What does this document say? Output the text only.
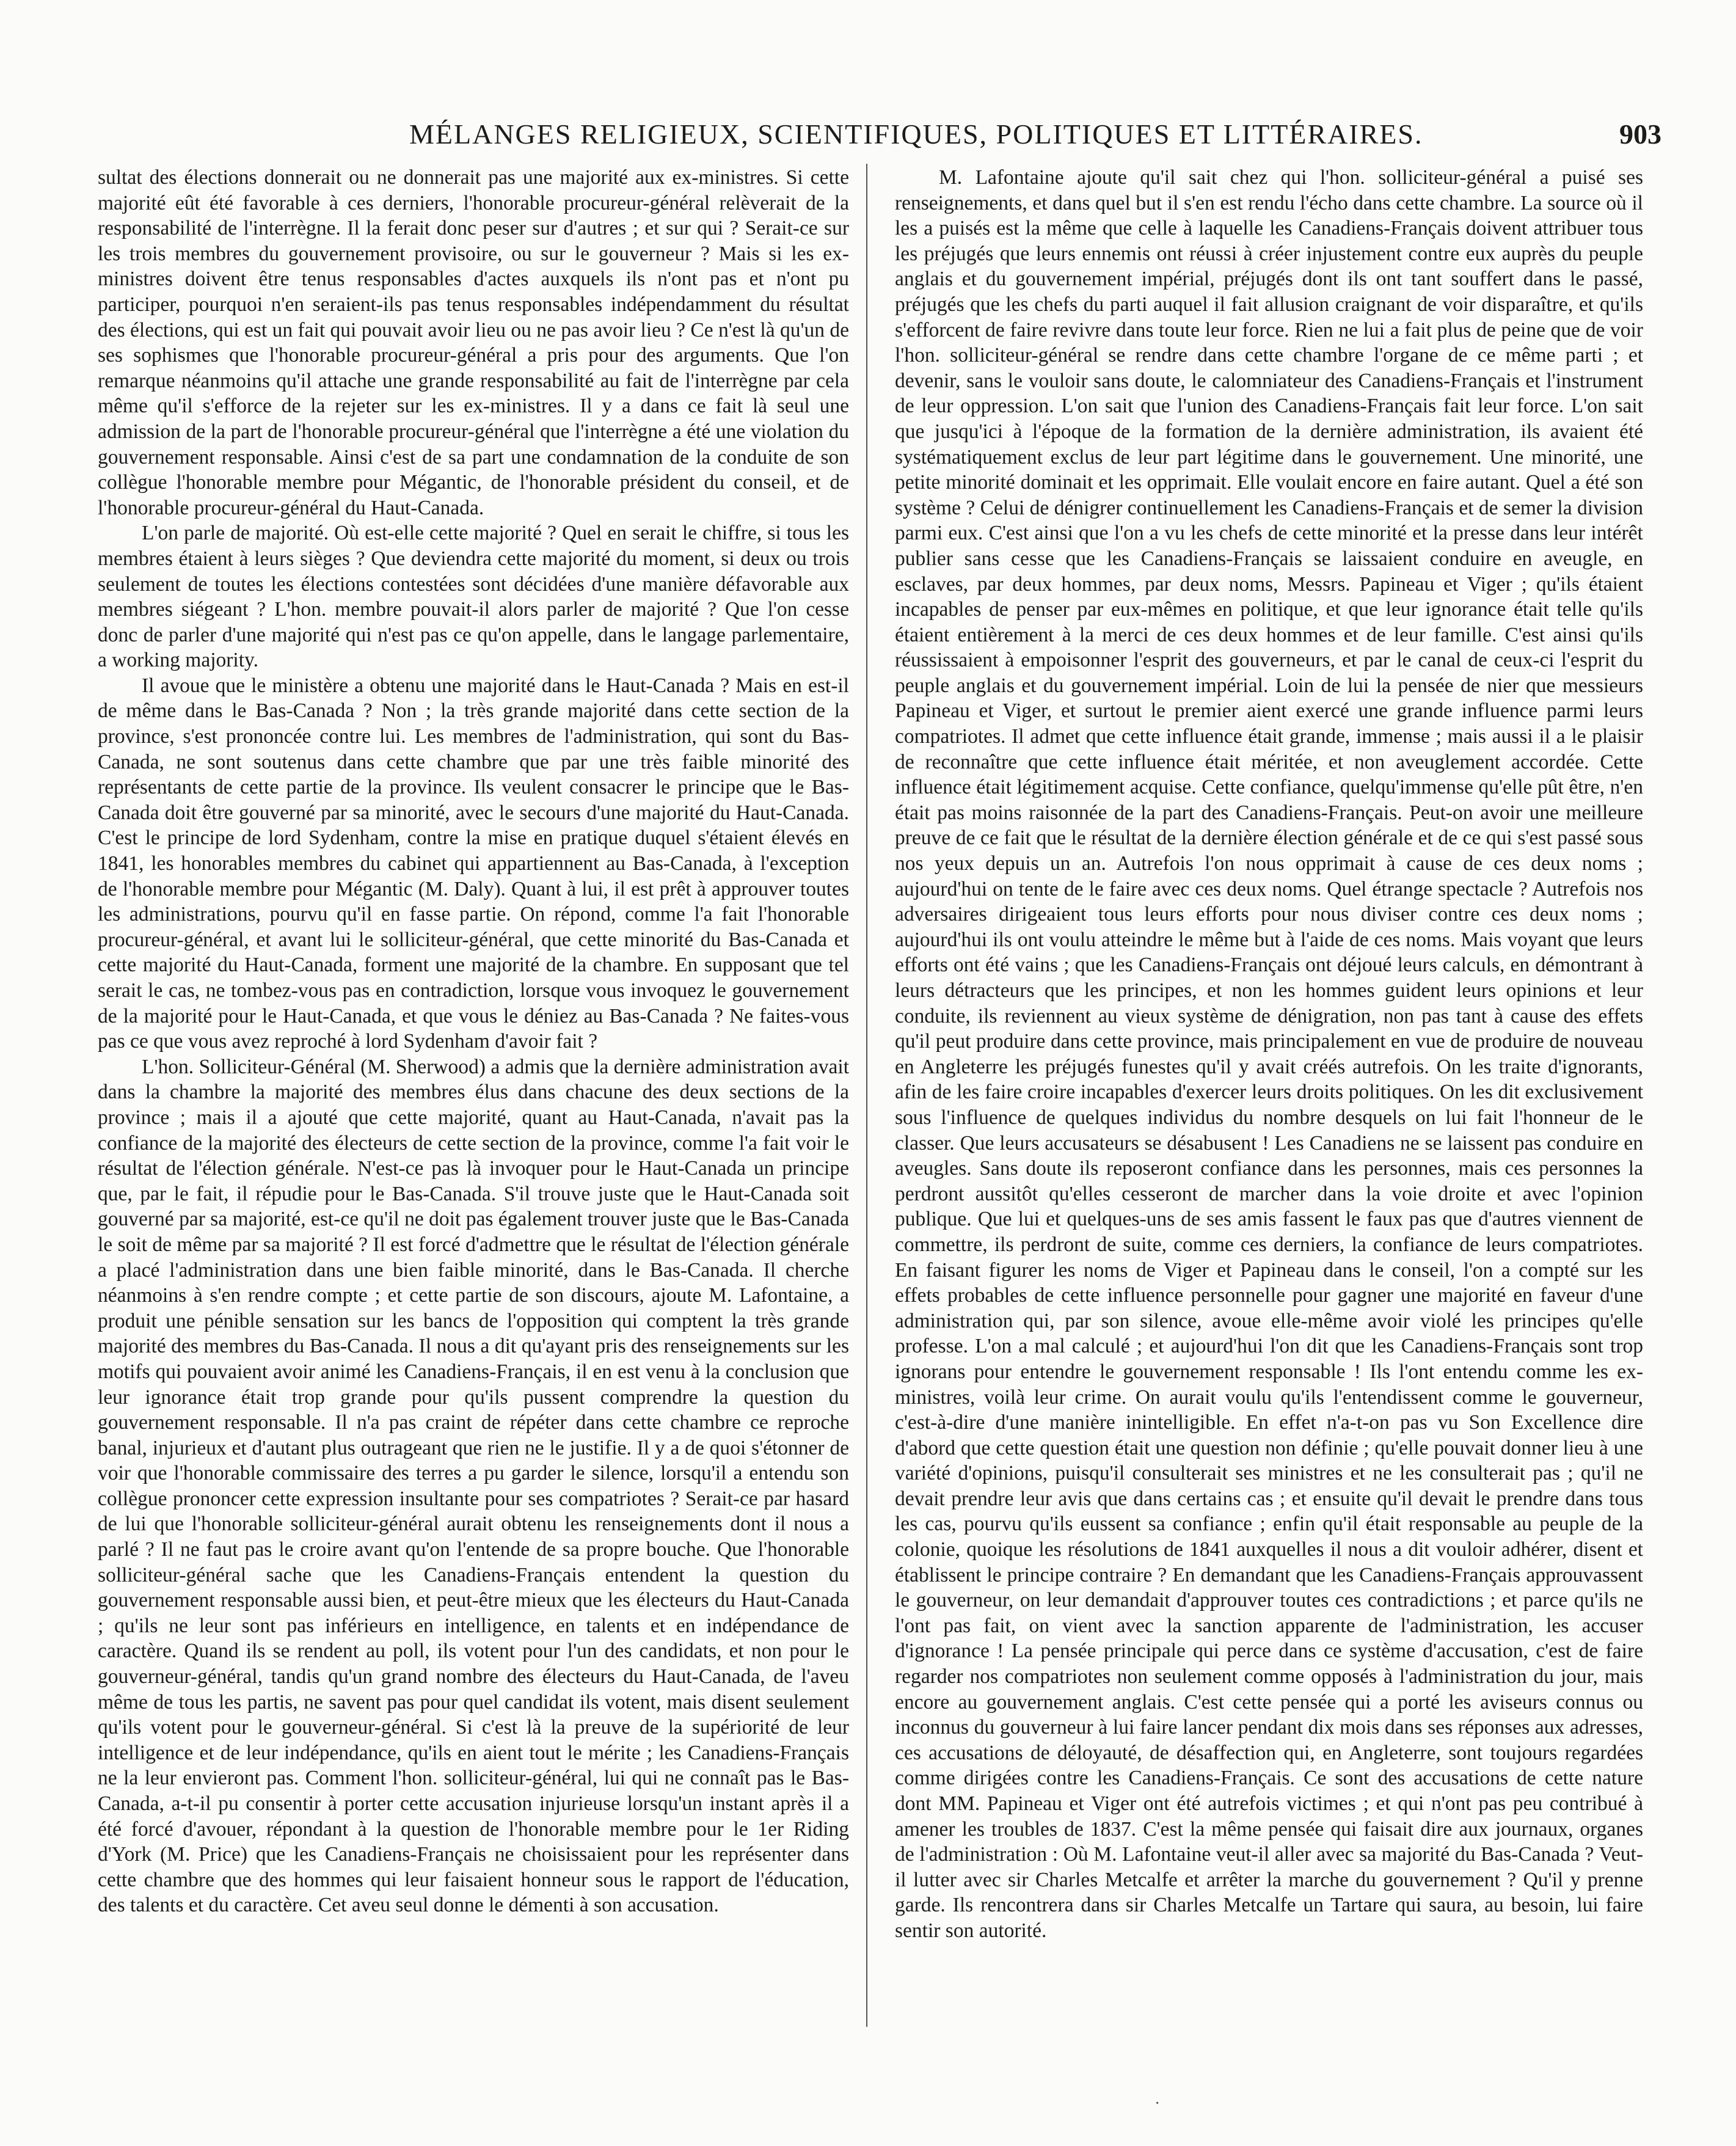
MÉLANGES RELIGIEUX, SCIENTIFIQUES, POLITIQUES ET LITTÉRAIRES.	903

sultat des élections donnerait ou ne donnerait pas une majorité aux ex-ministres. Si cette majorité eût été favorable à ces derniers, l'honorable procureur-général relèverait de la responsabilité de l'interrègne. Il la ferait donc peser sur d'autres ; et sur qui ? Serait-ce sur les trois membres du gouvernement provisoire, ou sur le gouverneur ? Mais si les ex-ministres doivent être tenus responsables d'actes auxquels ils n'ont pas et n'ont pu participer, pourquoi n'en seraient-ils pas tenus responsables indépendamment du résultat des élections, qui est un fait qui pouvait avoir lieu ou ne pas avoir lieu ? Ce n'est là qu'un de ses sophismes que l'honorable procureur-général a pris pour des arguments. Que l'on remarque néanmoins qu'il attache une grande responsabilité au fait de l'interrègne par cela même qu'il s'efforce de la rejeter sur les ex-ministres. Il y a dans ce fait là seul une admission de la part de l'honorable procureur-général que l'interrègne a été une violation du gouvernement responsable. Ainsi c'est de sa part une condamnation de la conduite de son collègue l'honorable membre pour Mégantic, de l'honorable président du conseil, et de l'honorable procureur-général du Haut-Canada.

L'on parle de majorité. Où est-elle cette majorité ? Quel en serait le chiffre, si tous les membres étaient à leurs sièges ? Que deviendra cette majorité du moment, si deux ou trois seulement de toutes les élections contestées sont décidées d'une manière défavorable aux membres siégeant ? L'hon. membre pouvait-il alors parler de majorité ? Que l'on cesse donc de parler d'une majorité qui n'est pas ce qu'on appelle, dans le langage parlementaire, a working majority.

Il avoue que le ministère a obtenu une majorité dans le Haut-Canada ? Mais en est-il de même dans le Bas-Canada ? Non ; la très grande majorité dans cette section de la province, s'est prononcée contre lui. Les membres de l'administration, qui sont du Bas-Canada, ne sont soutenus dans cette chambre que par une très faible minorité des représentants de cette partie de la province. Ils veulent consacrer le principe que le Bas-Canada doit être gouverné par sa minorité, avec le secours d'une majorité du Haut-Canada. C'est le principe de lord Sydenham, contre la mise en pratique duquel s'étaient élevés en 1841, les honorables membres du cabinet qui appartiennent au Bas-Canada, à l'exception de l'honorable membre pour Mégantic (M. Daly). Quant à lui, il est prêt à approuver toutes les administrations, pourvu qu'il en fasse partie. On répond, comme l'a fait l'honorable procureur-général, et avant lui le solliciteur-général, que cette minorité du Bas-Canada et cette majorité du Haut-Canada, forment une majorité de la chambre. En supposant que tel serait le cas, ne tombez-vous pas en contradiction, lorsque vous invoquez le gouvernement de la majorité pour le Haut-Canada, et que vous le déniez au Bas-Canada ? Ne faites-vous pas ce que vous avez reproché à lord Sydenham d'avoir fait ?

L'hon. Solliciteur-Général (M. Sherwood) a admis que la dernière administration avait dans la chambre la majorité des membres élus dans chacune des deux sections de la province ; mais il a ajouté que cette majorité, quant au Haut-Canada, n'avait pas la confiance de la majorité des électeurs de cette section de la province, comme l'a fait voir le résultat de l'élection générale. N'est-ce pas là invoquer pour le Haut-Canada un principe que, par le fait, il répudie pour le Bas-Canada. S'il trouve juste que le Haut-Canada soit gouverné par sa majorité, est-ce qu'il ne doit pas également trouver juste que le Bas-Canada le soit de même par sa majorité ? Il est forcé d'admettre que le résultat de l'élection générale a placé l'administration dans une bien faible minorité, dans le Bas-Canada. Il cherche néanmoins à s'en rendre compte ; et cette partie de son discours, ajoute M. Lafontaine, a produit une pénible sensation sur les bancs de l'opposition qui comptent la très grande majorité des membres du Bas-Canada. Il nous a dit qu'ayant pris des renseignements sur les motifs qui pouvaient avoir animé les Canadiens-Français, il en est venu à la conclusion que leur ignorance était trop grande pour qu'ils pussent comprendre la question du gouvernement responsable. Il n'a pas craint de répéter dans cette chambre ce reproche banal, injurieux et d'autant plus outrageant que rien ne le justifie. Il y a de quoi s'étonner de voir que l'honorable commissaire des terres a pu garder le silence, lorsqu'il a entendu son collègue prononcer cette expression insultante pour ses compatriotes ? Serait-ce par hasard de lui que l'honorable solliciteur-général aurait obtenu les renseignements dont il nous a parlé ? Il ne faut pas le croire avant qu'on l'entende de sa propre bouche. Que l'honorable solliciteur-général sache que les Canadiens-Français entendent la question du gouvernement responsable aussi bien, et peut-être mieux que les électeurs du Haut-Canada ; qu'ils ne leur sont pas inférieurs en intelligence, en talents et en indépendance de caractère. Quand ils se rendent au poll, ils votent pour l'un des candidats, et non pour le gouverneur-général, tandis qu'un grand nombre des électeurs du Haut-Canada, de l'aveu même de tous les partis, ne savent pas pour quel candidat ils votent, mais disent seulement qu'ils votent pour le gouverneur-général. Si c'est là la preuve de la supériorité de leur intelligence et de leur indépendance, qu'ils en aient tout le mérite ; les Canadiens-Français ne la leur envieront pas. Comment l'hon. solliciteur-général, lui qui ne connaît pas le Bas-Canada, a-t-il pu consentir à porter cette accusation injurieuse lorsqu'un instant après il a été forcé d'avouer, répondant à la question de l'honorable membre pour le 1er Riding d'York (M. Price) que les Canadiens-Français ne choisissaient pour les représenter dans cette chambre que des hommes qui leur faisaient honneur sous le rapport de l'éducation, des talents et du caractère. Cet aveu seul donne le démenti à son accusation.

M. Lafontaine ajoute qu'il sait chez qui l'hon. solliciteur-général a puisé ses renseignements, et dans quel but il s'en est rendu l'écho dans cette chambre. La source où il les a puisés est la même que celle à laquelle les Canadiens-Français doivent attribuer tous les préjugés que leurs ennemis ont réussi à créer injustement contre eux auprès du peuple anglais et du gouvernement impérial, préjugés dont ils ont tant souffert dans le passé, préjugés que les chefs du parti auquel il fait allusion craignant de voir disparaître, et qu'ils s'efforcent de faire revivre dans toute leur force. Rien ne lui a fait plus de peine que de voir l'hon. solliciteur-général se rendre dans cette chambre l'organe de ce même parti ; et devenir, sans le vouloir sans doute, le calomniateur des Canadiens-Français et l'instrument de leur oppression. L'on sait que l'union des Canadiens-Français fait leur force. L'on sait que jusqu'ici à l'époque de la formation de la dernière administration, ils avaient été systématiquement exclus de leur part légitime dans le gouvernement. Une minorité, une petite minorité dominait et les opprimait. Elle voulait encore en faire autant. Quel a été son système ? Celui de dénigrer continuellement les Canadiens-Français et de semer la division parmi eux. C'est ainsi que l'on a vu les chefs de cette minorité et la presse dans leur intérêt publier sans cesse que les Canadiens-Français se laissaient conduire en aveugle, en esclaves, par deux hommes, par deux noms, Messrs. Papineau et Viger ; qu'ils étaient incapables de penser par eux-mêmes en politique, et que leur ignorance était telle qu'ils étaient entièrement à la merci de ces deux hommes et de leur famille. C'est ainsi qu'ils réussissaient à empoisonner l'esprit des gouverneurs, et par le canal de ceux-ci l'esprit du peuple anglais et du gouvernement impérial. Loin de lui la pensée de nier que messieurs Papineau et Viger, et surtout le premier aient exercé une grande influence parmi leurs compatriotes. Il admet que cette influence était grande, immense ; mais aussi il a le plaisir de reconnaître que cette influence était méritée, et non aveuglement accordée. Cette influence était légitimement acquise. Cette confiance, quelqu'immense qu'elle pût être, n'en était pas moins raisonnée de la part des Canadiens-Français. Peut-on avoir une meilleure preuve de ce fait que le résultat de la dernière élection générale et de ce qui s'est passé sous nos yeux depuis un an. Autrefois l'on nous opprimait à cause de ces deux noms ; aujourd'hui on tente de le faire avec ces deux noms. Quel étrange spectacle ? Autrefois nos adversaires dirigeaient tous leurs efforts pour nous diviser contre ces deux noms ; aujourd'hui ils ont voulu atteindre le même but à l'aide de ces noms. Mais voyant que leurs efforts ont été vains ; que les Canadiens-Français ont déjoué leurs calculs, en démontrant à leurs détracteurs que les principes, et non les hommes guident leurs opinions et leur conduite, ils reviennent au vieux système de dénigration, non pas tant à cause des effets qu'il peut produire dans cette province, mais principalement en vue de produire de nouveau en Angleterre les préjugés funestes qu'il y avait créés autrefois. On les traite d'ignorants, afin de les faire croire incapables d'exercer leurs droits politiques. On les dit exclusivement sous l'influence de quelques individus du nombre desquels on lui fait l'honneur de le classer. Que leurs accusateurs se désabusent ! Les Canadiens ne se laissent pas conduire en aveugles. Sans doute ils reposeront confiance dans les personnes, mais ces personnes la perdront aussitôt qu'elles cesseront de marcher dans la voie droite et avec l'opinion publique. Que lui et quelques-uns de ses amis fassent le faux pas que d'autres viennent de commettre, ils perdront de suite, comme ces derniers, la confiance de leurs compatriotes. En faisant figurer les noms de Viger et Papineau dans le conseil, l'on a compté sur les effets probables de cette influence personnelle pour gagner une majorité en faveur d'une administration qui, par son silence, avoue elle-même avoir violé les principes qu'elle professe. L'on a mal calculé ; et aujourd'hui l'on dit que les Canadiens-Français sont trop ignorans pour entendre le gouvernement responsable ! Ils l'ont entendu comme les ex-ministres, voilà leur crime. On aurait voulu qu'ils l'entendissent comme le gouverneur, c'est-à-dire d'une manière inintelligible. En effet n'a-t-on pas vu Son Excellence dire d'abord que cette question était une question non définie ; qu'elle pouvait donner lieu à une variété d'opinions, puisqu'il consulterait ses ministres et ne les consulterait pas ; qu'il ne devait prendre leur avis que dans certains cas ; et ensuite qu'il devait le prendre dans tous les cas, pourvu qu'ils eussent sa confiance ; enfin qu'il était responsable au peuple de la colonie, quoique les résolutions de 1841 auxquelles il nous a dit vouloir adhérer, disent et établissent le principe contraire ? En demandant que les Canadiens-Français approuvassent le gouverneur, on leur demandait d'approuver toutes ces contradictions ; et parce qu'ils ne l'ont pas fait, on vient avec la sanction apparente de l'administration, les accuser d'ignorance ! La pensée principale qui perce dans ce système d'accusation, c'est de faire regarder nos compatriotes non seulement comme opposés à l'administration du jour, mais encore au gouvernement anglais. C'est cette pensée qui a porté les aviseurs connus ou inconnus du gouverneur à lui faire lancer pendant dix mois dans ses réponses aux adresses, ces accusations de déloyauté, de désaffection qui, en Angleterre, sont toujours regardées comme dirigées contre les Canadiens-Français. Ce sont des accusations de cette nature dont MM. Papineau et Viger ont été autrefois victimes ; et qui n'ont pas peu contribué à amener les troubles de 1837. C'est la même pensée qui faisait dire aux journaux, organes de l'administration : Où M. Lafontaine veut-il aller avec sa majorité du Bas-Canada ? Veut-il lutter avec sir Charles Metcalfe et arrêter la marche du gouvernement ? Qu'il y prenne garde. Ils rencontrera dans sir Charles Metcalfe un Tartare qui saura, au besoin, lui faire sentir son autorité.

·
